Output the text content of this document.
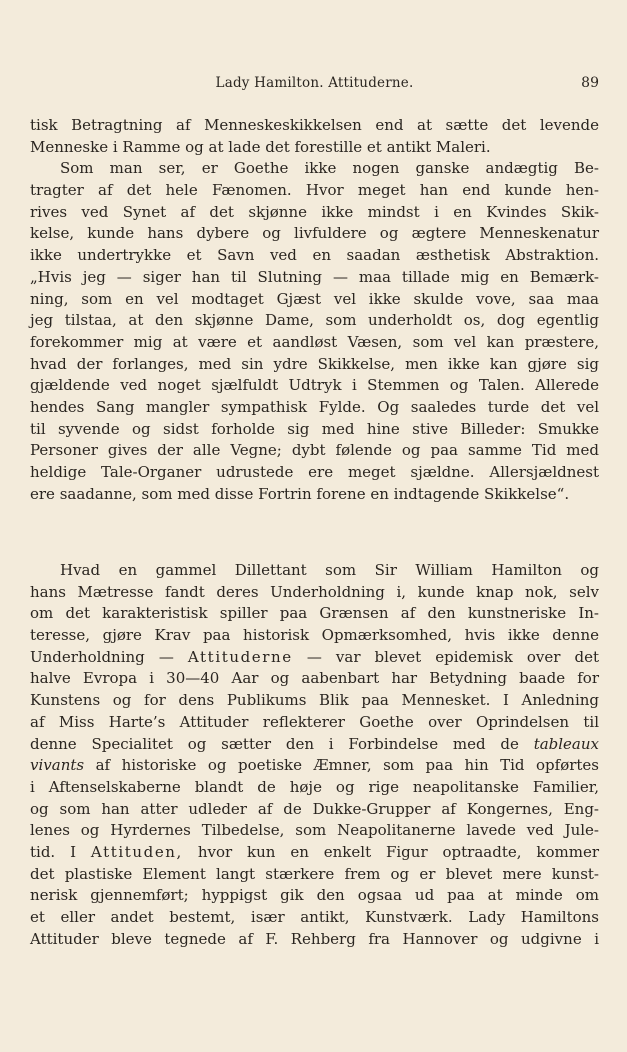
Lady Hamilton. Attituderne.	89
tisk Betragtning af Menneskeskikkelsen end at sætte det levende
Menneske i Ramme og at lade det forestille et antikt Maleri.
Som man ser, er Goethe ikke nogen ganske andægtig Be-
tragter af det hele Fænomen. Hvor meget han end kunde hen-
rives ved Synet af det skjønne ikke mindst i en Kvindes Skik-
kelse, kunde hans dybere og livfuldere og ægtere Menneskenatur
ikke undertrykke et Savn ved en saadan æsthetisk Abstraktion.
„Hvis jeg — siger han til Slutning — maa tillade mig en Bemærk-
ning, som en vel modtaget Gjæst vel ikke skulde vove, saa maa
jeg tilstaa, at den skjønne Dame, som underholdt os, dog egentlig
forekommer mig at være et aandløst Væsen, som vel kan præstere,
hvad der forlanges, med sin ydre Skikkelse, men ikke kan gjøre sig
gjældende ved noget sjælfuldt Udtryk i Stemmen og Talen. Allerede
hendes Sang mangler sympathisk Fylde. Og saaledes turde det vel
til syvende og sidst forholde sig med hine stive Billeder: Smukke
Personer gives der alle Vegne; dybt følende og paa samme Tid med
heldige Tale-Organer udrustede ere meget sjældne. Allersjældnest
ere saadanne, som med disse Fortrin forene en indtagende Skikkelse“.
Hvad en gammel Dillettant som Sir William Hamilton og
hans Mætresse fandt deres Underholdning i, kunde knap nok, selv
om det karakteristisk spiller paa Grænsen af den kunstneriske In-
teresse, gjøre Krav paa historisk Opmærksomhed, hvis ikke denne
Underholdning — Attituderne — var blevet epidemisk over det
halve Evropa i 30—40 Aar og aabenbart har Betydning baade for
Kunstens og for dens Publikums Blik paa Mennesket. I Anledning
af Miss Harte’s Attituder reflekterer Goethe over Oprindelsen til
denne Specialitet og sætter den i Forbindelse med de tableaux
vivants af historiske og poetiske Æmner, som paa hin Tid opførtes
i Aftenselskaberne blandt de høje og rige neapolitanske Familier,
og som han atter udleder af de Dukke-Grupper af Kongernes, Eng-
lenes og Hyrdernes Tilbedelse, som Neapolitanerne lavede ved Jule-
tid. I Attituden, hvor kun en enkelt Figur optraadte, kommer
det plastiske Element langt stærkere frem og er blevet mere kunst-
nerisk gjennemført; hyppigst gik den ogsaa ud paa at minde om
et eller andet bestemt, især antikt, Kunstværk. Lady Hamiltons
Attituder bleve tegnede af F. Rehberg fra Hannover og udgivne i
